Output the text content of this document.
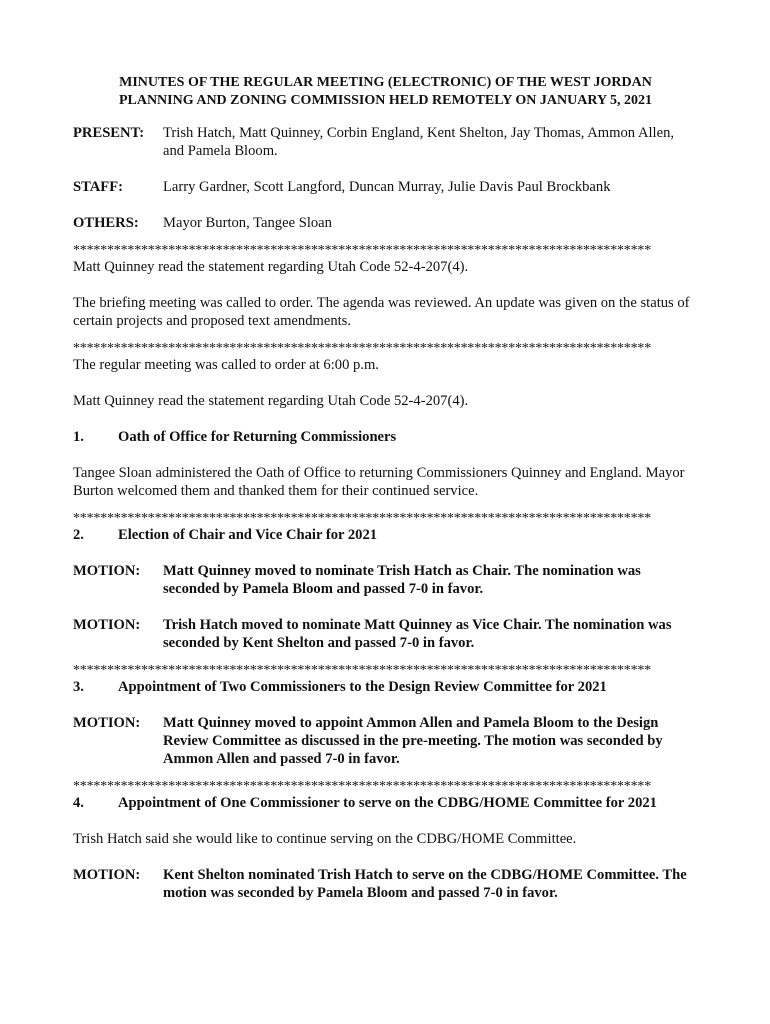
MINUTES OF THE REGULAR MEETING (ELECTRONIC) OF THE WEST JORDAN
PLANNING AND ZONING COMMISSION HELD REMOTELY ON JANUARY 5, 2021
PRESENT:	Trish Hatch, Matt Quinney, Corbin England, Kent Shelton, Jay Thomas, Ammon Allen, and Pamela Bloom.
STAFF:	Larry Gardner, Scott Langford, Duncan Murray, Julie Davis Paul Brockbank
OTHERS:	Mayor Burton, Tangee Sloan
*************************************************************************************

Matt Quinney read the statement regarding Utah Code 52-4-207(4).

The briefing meeting was called to order. The agenda was reviewed. An update was given on the status of certain projects and proposed text amendments.

*************************************************************************************

The regular meeting was called to order at 6:00 p.m.

Matt Quinney read the statement regarding Utah Code 52-4-207(4).

1.	Oath of Office for Returning Commissioners

Tangee Sloan administered the Oath of Office to returning Commissioners Quinney and England. Mayor Burton welcomed them and thanked them for their continued service.

*************************************************************************************
2.	Election of Chair and Vice Chair for 2021
MOTION:	Matt Quinney moved to nominate Trish Hatch as Chair. The nomination was seconded by Pamela Bloom and passed 7-0 in favor.
MOTION:	Trish Hatch moved to nominate Matt Quinney as Vice Chair. The nomination was seconded by Kent Shelton and passed 7-0 in favor.
*************************************************************************************
3.	Appointment of Two Commissioners to the Design Review Committee for 2021
MOTION:	Matt Quinney moved to appoint Ammon Allen and Pamela Bloom to the Design Review Committee as discussed in the pre-meeting. The motion was seconded by Ammon Allen and passed 7-0 in favor.
*************************************************************************************
4.	Appointment of One Commissioner to serve on the CDBG/HOME Committee for 2021

Trish Hatch said she would like to continue serving on the CDBG/HOME Committee.

MOTION:	Kent Shelton nominated Trish Hatch to serve on the CDBG/HOME Committee. The motion was seconded by Pamela Bloom and passed 7-0 in favor.
